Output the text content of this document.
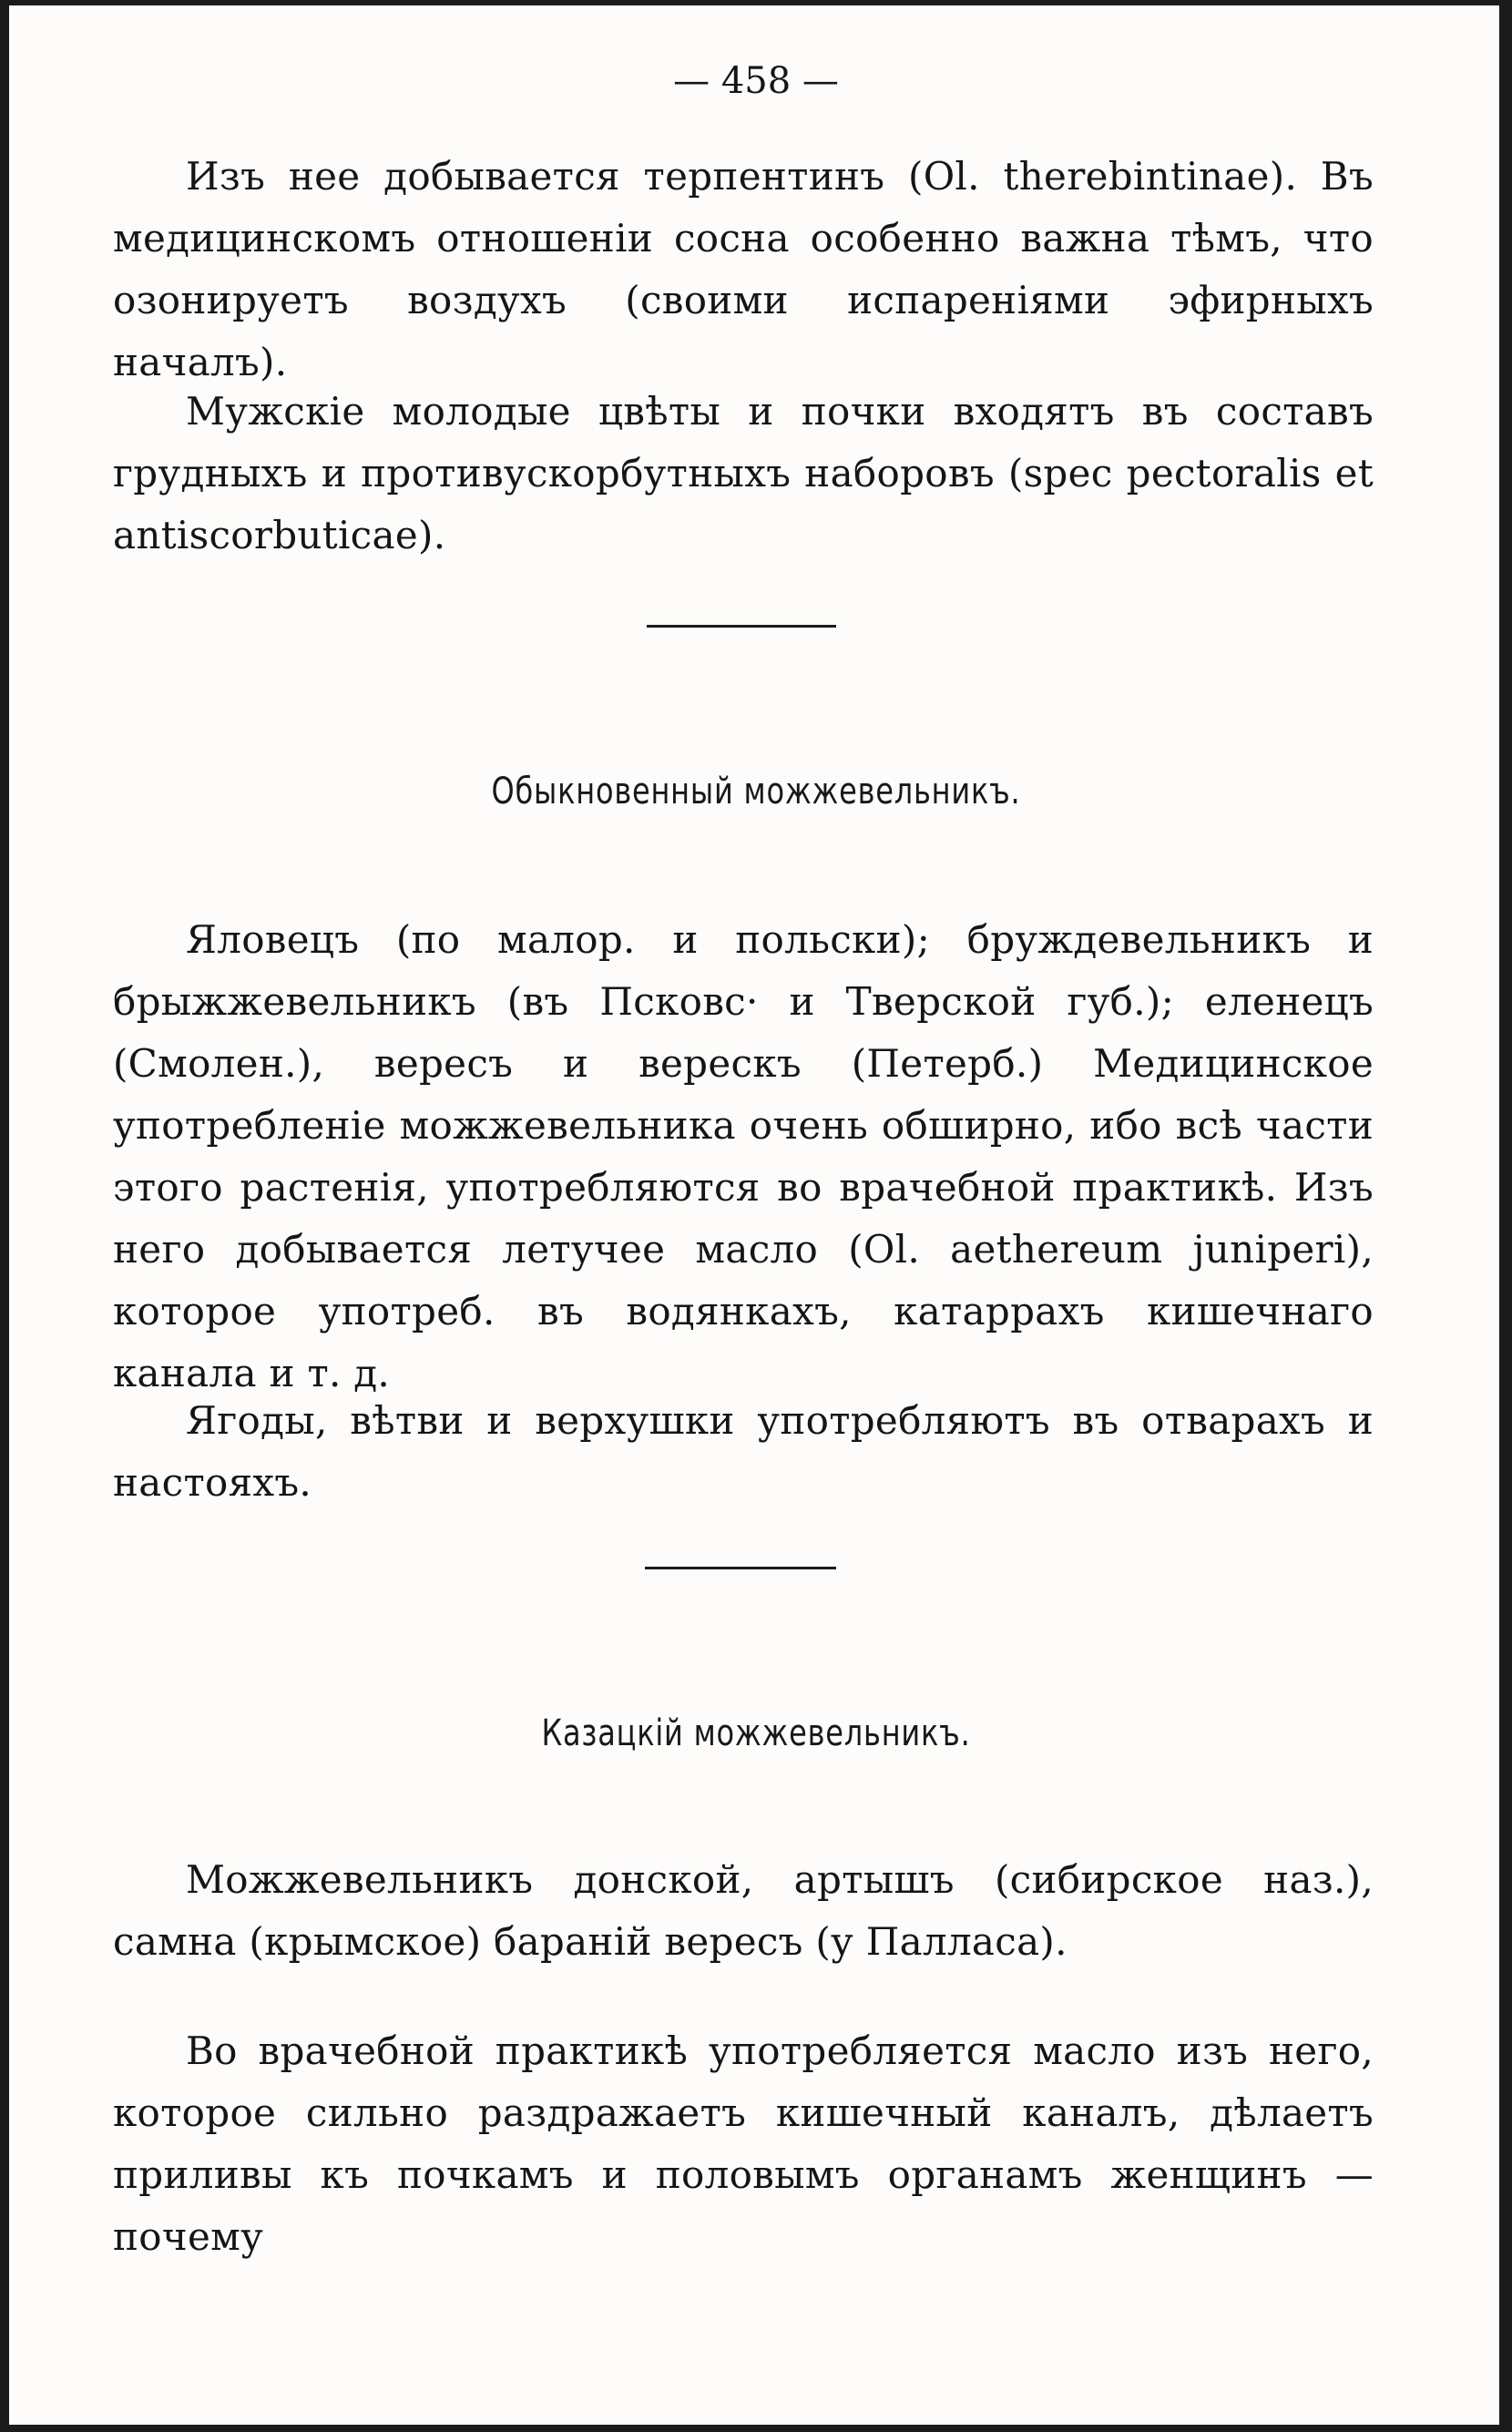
— 458 —

Изъ нее добывается терпентинъ (Ol. therebintinae). Въ медицинскомъ отношеніи сосна особенно важна тѣмъ, что озонируетъ воздухъ (своими испареніями эфирныхъ началъ).

Мужскіе молодые цвѣты и почки входятъ въ составъ грудныхъ и противускорбутныхъ наборовъ (spec pectoralis et antiscorbuticae).

Обыкновенный можжевельникъ.

Яловецъ (по малор. и польски); бруждевельникъ и брыжжевельникъ (въ Псковс· и Тверской губ.); еленецъ (Смолен.), вересъ и верескъ (Петерб.) Медицинское употребленіе можжевельника очень обширно, ибо всѣ части этого растенія, употребляются во врачебной практикѣ. Изъ него добывается летучее масло (Ol. aethereum juniperi), которое употреб. въ водянкахъ, катаррахъ кишечнаго канала и т. д.

Ягоды, вѣтви и верхушки употребляютъ въ отварахъ и настояхъ.

Казацкій можжевельникъ.

Можжевельникъ донской, артышъ (сибирское наз.), самна (крымское) бараній вересъ (у Палласа).

Во врачебной практикѣ употребляется масло изъ него, которое сильно раздражаетъ кишечный каналъ, дѣлаетъ приливы къ почкамъ и половымъ органамъ женщинъ — почему
